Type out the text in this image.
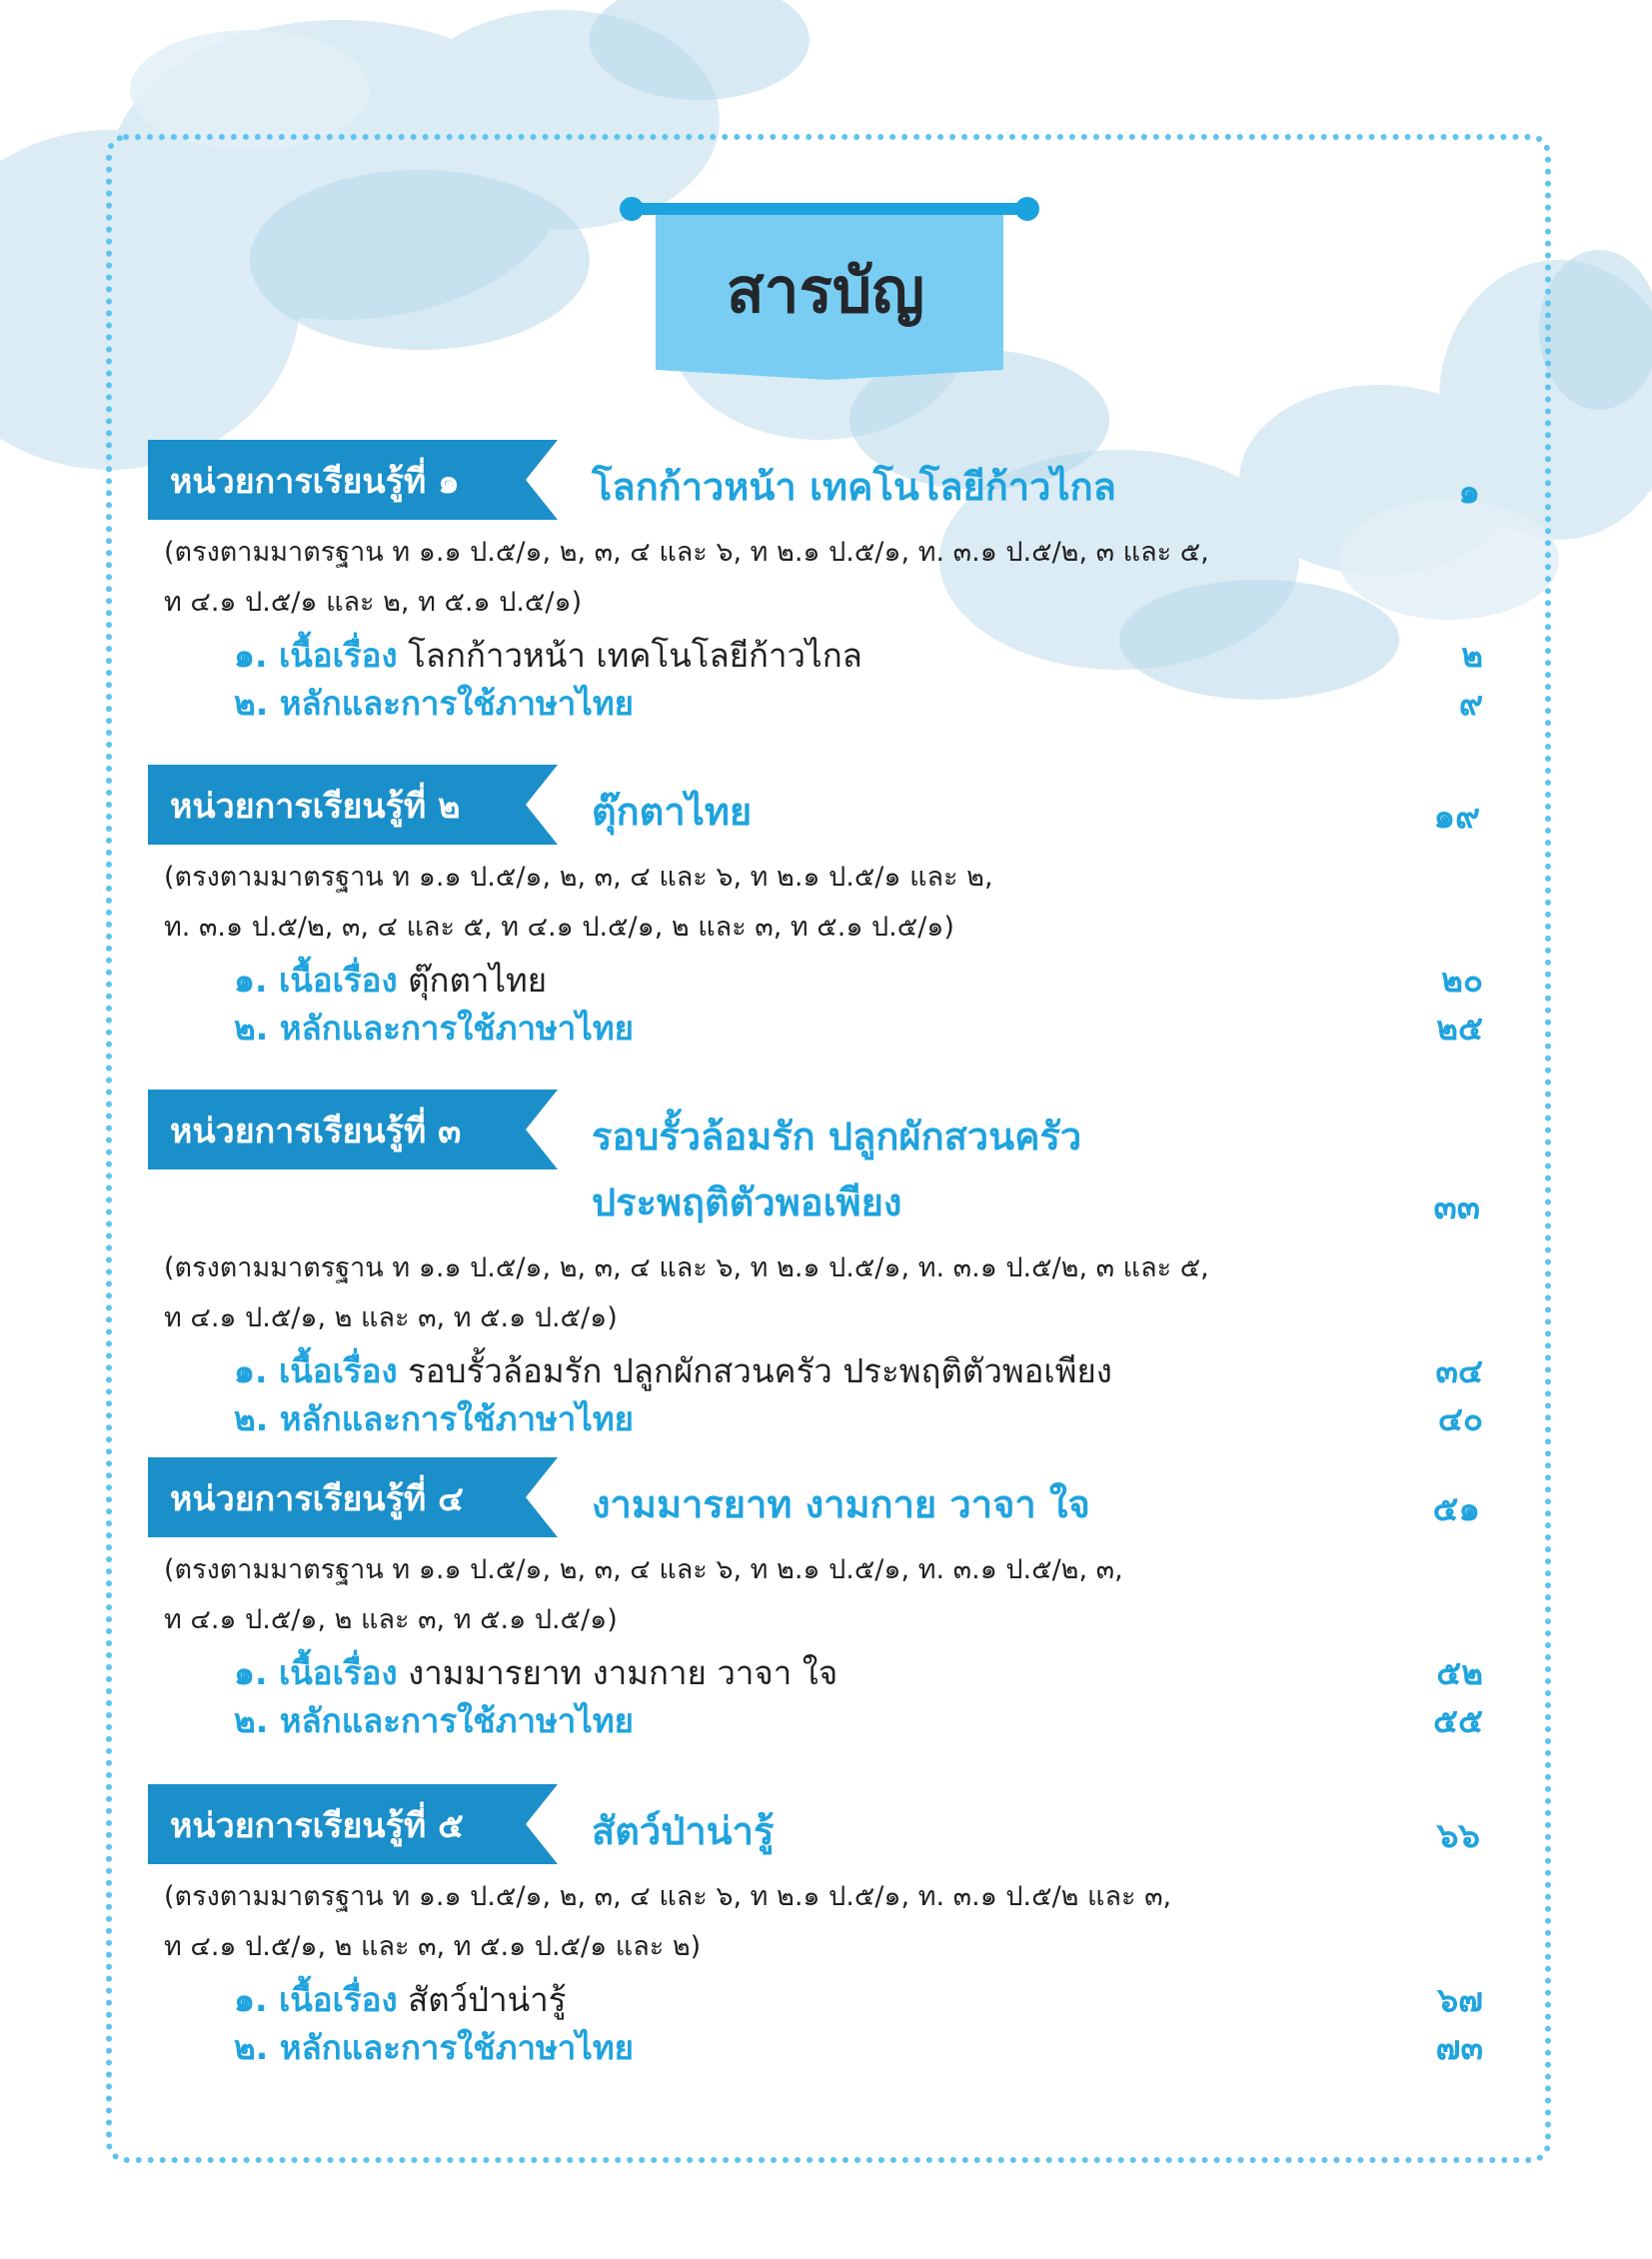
สารบัญ
หน่วยการเรียนรู้ที่ ๑	โลกก้าวหน้า เทคโนโลยีก้าวไกล	๑
(ตรงตามมาตรฐาน ท ๑.๑ ป.๕/๑, ๒, ๓, ๔ และ ๖, ท ๒.๑ ป.๕/๑, ท. ๓.๑ ป.๕/๒, ๓ และ ๕,
ท ๔.๑ ป.๕/๑ และ ๒, ท ๕.๑ ป.๕/๑)
๑. เนื้อเรื่อง โลกก้าวหน้า เทคโนโลยีก้าวไกล	๒
๒. หลักและการใช้ภาษาไทย	๙
หน่วยการเรียนรู้ที่ ๒	ตุ๊กตาไทย	๑๙
(ตรงตามมาตรฐาน ท ๑.๑ ป.๕/๑, ๒, ๓, ๔ และ ๖, ท ๒.๑ ป.๕/๑ และ ๒,
ท. ๓.๑ ป.๕/๒, ๓, ๔ และ ๕, ท ๔.๑ ป.๕/๑, ๒ และ ๓, ท ๕.๑ ป.๕/๑)
๑. เนื้อเรื่อง ตุ๊กตาไทย	๒๐
๒. หลักและการใช้ภาษาไทย	๒๕
หน่วยการเรียนรู้ที่ ๓	รอบรั้วล้อมรัก ปลูกผักสวนครัว
ประพฤติตัวพอเพียง	๓๓
(ตรงตามมาตรฐาน ท ๑.๑ ป.๕/๑, ๒, ๓, ๔ และ ๖, ท ๒.๑ ป.๕/๑, ท. ๓.๑ ป.๕/๒, ๓ และ ๕,
ท ๔.๑ ป.๕/๑, ๒ และ ๓, ท ๕.๑ ป.๕/๑)
๑. เนื้อเรื่อง รอบรั้วล้อมรัก ปลูกผักสวนครัว ประพฤติตัวพอเพียง	๓๔
๒. หลักและการใช้ภาษาไทย	๔๐
หน่วยการเรียนรู้ที่ ๔	งามมารยาท งามกาย วาจา ใจ	๕๑
(ตรงตามมาตรฐาน ท ๑.๑ ป.๕/๑, ๒, ๓, ๔ และ ๖, ท ๒.๑ ป.๕/๑, ท. ๓.๑ ป.๕/๒, ๓,
ท ๔.๑ ป.๕/๑, ๒ และ ๓, ท ๕.๑ ป.๕/๑)
๑. เนื้อเรื่อง งามมารยาท งามกาย วาจา ใจ	๕๒
๒. หลักและการใช้ภาษาไทย	๕๕
หน่วยการเรียนรู้ที่ ๕	สัตว์ป่าน่ารู้	๖๖
(ตรงตามมาตรฐาน ท ๑.๑ ป.๕/๑, ๒, ๓, ๔ และ ๖, ท ๒.๑ ป.๕/๑, ท. ๓.๑ ป.๕/๒ และ ๓,
ท ๔.๑ ป.๕/๑, ๒ และ ๓, ท ๕.๑ ป.๕/๑ และ ๒)
๑. เนื้อเรื่อง สัตว์ป่าน่ารู้	๖๗
๒. หลักและการใช้ภาษาไทย	๗๓
